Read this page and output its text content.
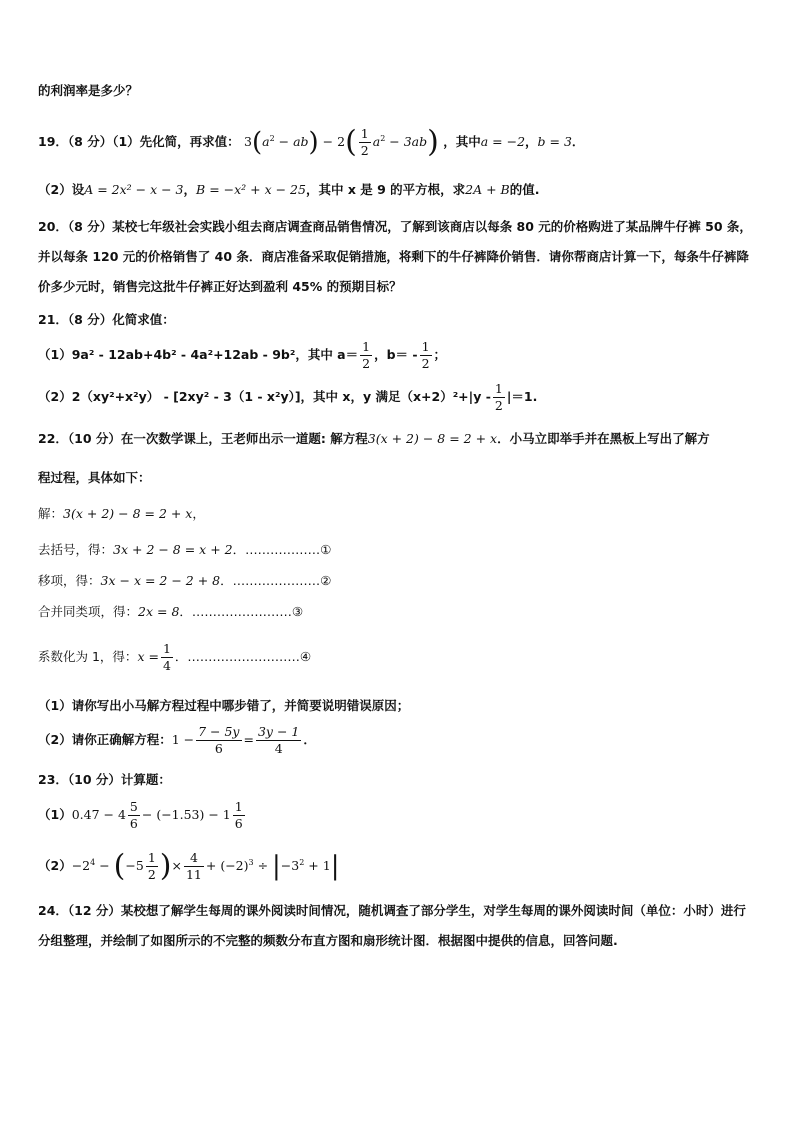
的利润率是多少？
19．（8 分）（1）先化简，再求值： $3(a^2 - ab) - 2( \frac{1}{2} a^2 - 3ab)$ ，其中a = −2，b = 3．
（2）设A = 2x² − x − 3，B = −x² + x − 25，其中 x 是 9 的平方根，求2A + B的值.
20．（8 分）某校七年级社会实践小组去商店调查商品销售情况，了解到该商店以每条 80 元的价格购进了某品牌牛仔裤 50 条，并以每条 120 元的价格销售了 40 条．商店准备采取促销措施，将剩下的牛仔裤降价销售．请你帮商店计算一下，每条牛仔裤降价多少元时，销售完这批牛仔裤正好达到盈利 45% 的预期目标？
21．（8 分）化简求值：
（1）9a² - 12ab+4b² - 4a²+12ab - 9b²，其中 $a= \frac{1}{2}$ ，$b= - \frac{1}{2}$ ；
（2）2（xy²+x²y） - [2xy² - 3（1 - x²y）]，其中 x，y 满足$(x+2)^2+|y - \frac{1}{2} |=1$.
22．（10 分）在一次数学课上，王老师出示一道题: 解方程3(x + 2) − 8 = 2 + x．小马立即举手并在黑板上写出了解方
程过程，具体如下：
解：3(x + 2) − 8 = 2 + x，
去括号，得：3x + 2 − 8 = x + 2．………………①
移项，得：3x − x = 2 − 2 + 8．…………………②
合并同类项，得：2x = 8．……………………③
系数化为 1，得：$x = \frac{1}{4}$ ．………………………④
（1）请你写出小马解方程过程中哪步错了，并简要说明错误原因；
（2）请你正确解方程：$1 - \frac{7 - 5y}{6} = \frac{3y - 1}{4}$ ．
23．（10 分）计算题：
$(1)0.47 - 4 \frac{5}{6} - (-1.53) - 1 \frac{1}{6}$
$(2)-2^4 - (-5 \frac{1}{2}$ )× $\frac{4}{11} + (-2)^3 \div |-3^2 + 1|$
24．（12 分）某校想了解学生每周的课外阅读时间情况，随机调查了部分学生，对学生每周的课外阅读时间（单位：小时）进行分组整理，并绘制了如图所示的不完整的频数分布直方图和扇形统计图．根据图中提供的信息，回答问题.
